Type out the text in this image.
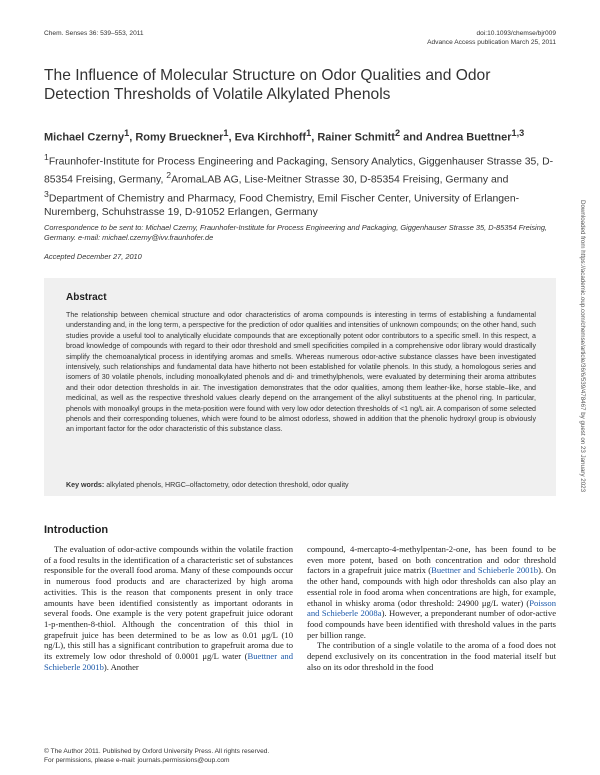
Chem. Senses 36: 539–553, 2011	doi:10.1093/chemse/bjr009
Advance Access publication March 25, 2011
The Influence of Molecular Structure on Odor Qualities and Odor Detection Thresholds of Volatile Alkylated Phenols
Michael Czerny$^1$, Romy Brueckner$^1$, Eva Kirchhoff$^1$, Rainer Schmitt$^2$ and Andrea Buettner$^{1,3}$
$^1$Fraunhofer-Institute for Process Engineering and Packaging, Sensory Analytics, Giggenhauser Strasse 35, D-85354 Freising, Germany, $^2$AromaLAB AG, Lise-Meitner Strasse 30, D-85354 Freising, Germany and $^3$Department of Chemistry and Pharmacy, Food Chemistry, Emil Fischer Center, University of Erlangen-Nuremberg, Schuhstrasse 19, D-91052 Erlangen, Germany
Correspondence to be sent to: Michael Czerny, Fraunhofer-Institute for Process Engineering and Packaging, Giggenhauser Strasse 35, D-85354 Freising, Germany. e-mail: michael.czerny@ivv.fraunhofer.de
Accepted December 27, 2010
Abstract
The relationship between chemical structure and odor characteristics of aroma compounds is interesting in terms of establishing a fundamental understanding and, in the long term, a perspective for the prediction of odor qualities and intensities of unknown compounds; on the other hand, such studies provide a useful tool to analytically elucidate compounds that are exceptionally potent odor contributors to a specific smell. In this respect, a broad knowledge of compounds with regard to their odor threshold and smell specificities compiled in a comprehensive odor library would drastically simplify the chemoanalytical process in identifying aromas and smells. Whereas numerous odor-active substance classes have been investigated intensively, such relationships and fundamental data have hitherto not been established for volatile phenols. In this study, a homologous series and isomers of 30 volatile phenols, including monoalkylated phenols and di- and trimethylphenols, were evaluated by determining their aroma attributes and their odor detection thresholds in air. The investigation demonstrates that the odor qualities, among them leather-like, horse stable–like, and medicinal, as well as the respective threshold values clearly depend on the arrangement of the alkyl substituents at the phenol ring. In particular, phenols with monoalkyl groups in the meta-position were found with very low odor detection thresholds of <1 ng/L air. A comparison of some selected phenols and their corresponding toluenes, which were found to be almost odorless, showed in addition that the phenolic hydroxyl group is obviously an important factor for the odor characteristic of this substance class.
Key words: alkylated phenols, HRGC–olfactometry, odor detection threshold, odor quality
Introduction

The evaluation of odor-active compounds within the volatile fraction of a food results in the identification of a characteristic set of substances responsible for the overall food aroma. Many of these compounds occur in numerous food products and are characterized by high aroma activities. This is the reason that components present in only trace amounts have been identified consistently as important odorants in several foods. One example is the very potent grapefruit juice odorant 1-p-menthen-8-thiol. Although the concentration of this thiol in grapefruit juice has been determined to be as low as 0.01 μg/L (10 ng/L), this still has a significant contribution to grapefruit aroma due to its extremely low odor threshold of 0.0001 μg/L water (Buettner and Schieberle 2001b). Another

compound, 4-mercapto-4-methylpentan-2-one, has been found to be even more potent, based on both concentration and odor threshold factors in a grapefruit juice matrix (Buettner and Schieberle 2001b). On the other hand, compounds with high odor thresholds can also play an essential role in food aroma when concentrations are high, for example, ethanol in whisky aroma (odor threshold: 24900 μg/L water) (Poisson and Schieberle 2008a). However, a preponderant number of odor-active food compounds have been identified with threshold values in the parts per billion range.

The contribution of a single volatile to the aroma of a food does not depend exclusively on its concentration in the food material itself but also on its odor threshold in the food

© The Author 2011. Published by Oxford University Press. All rights reserved.
For permissions, please e-mail: journals.permissions@oup.com
Downloaded from https://academic.oup.com/chemse/article/36/6/539/478467 by guest on 23 January 2023
